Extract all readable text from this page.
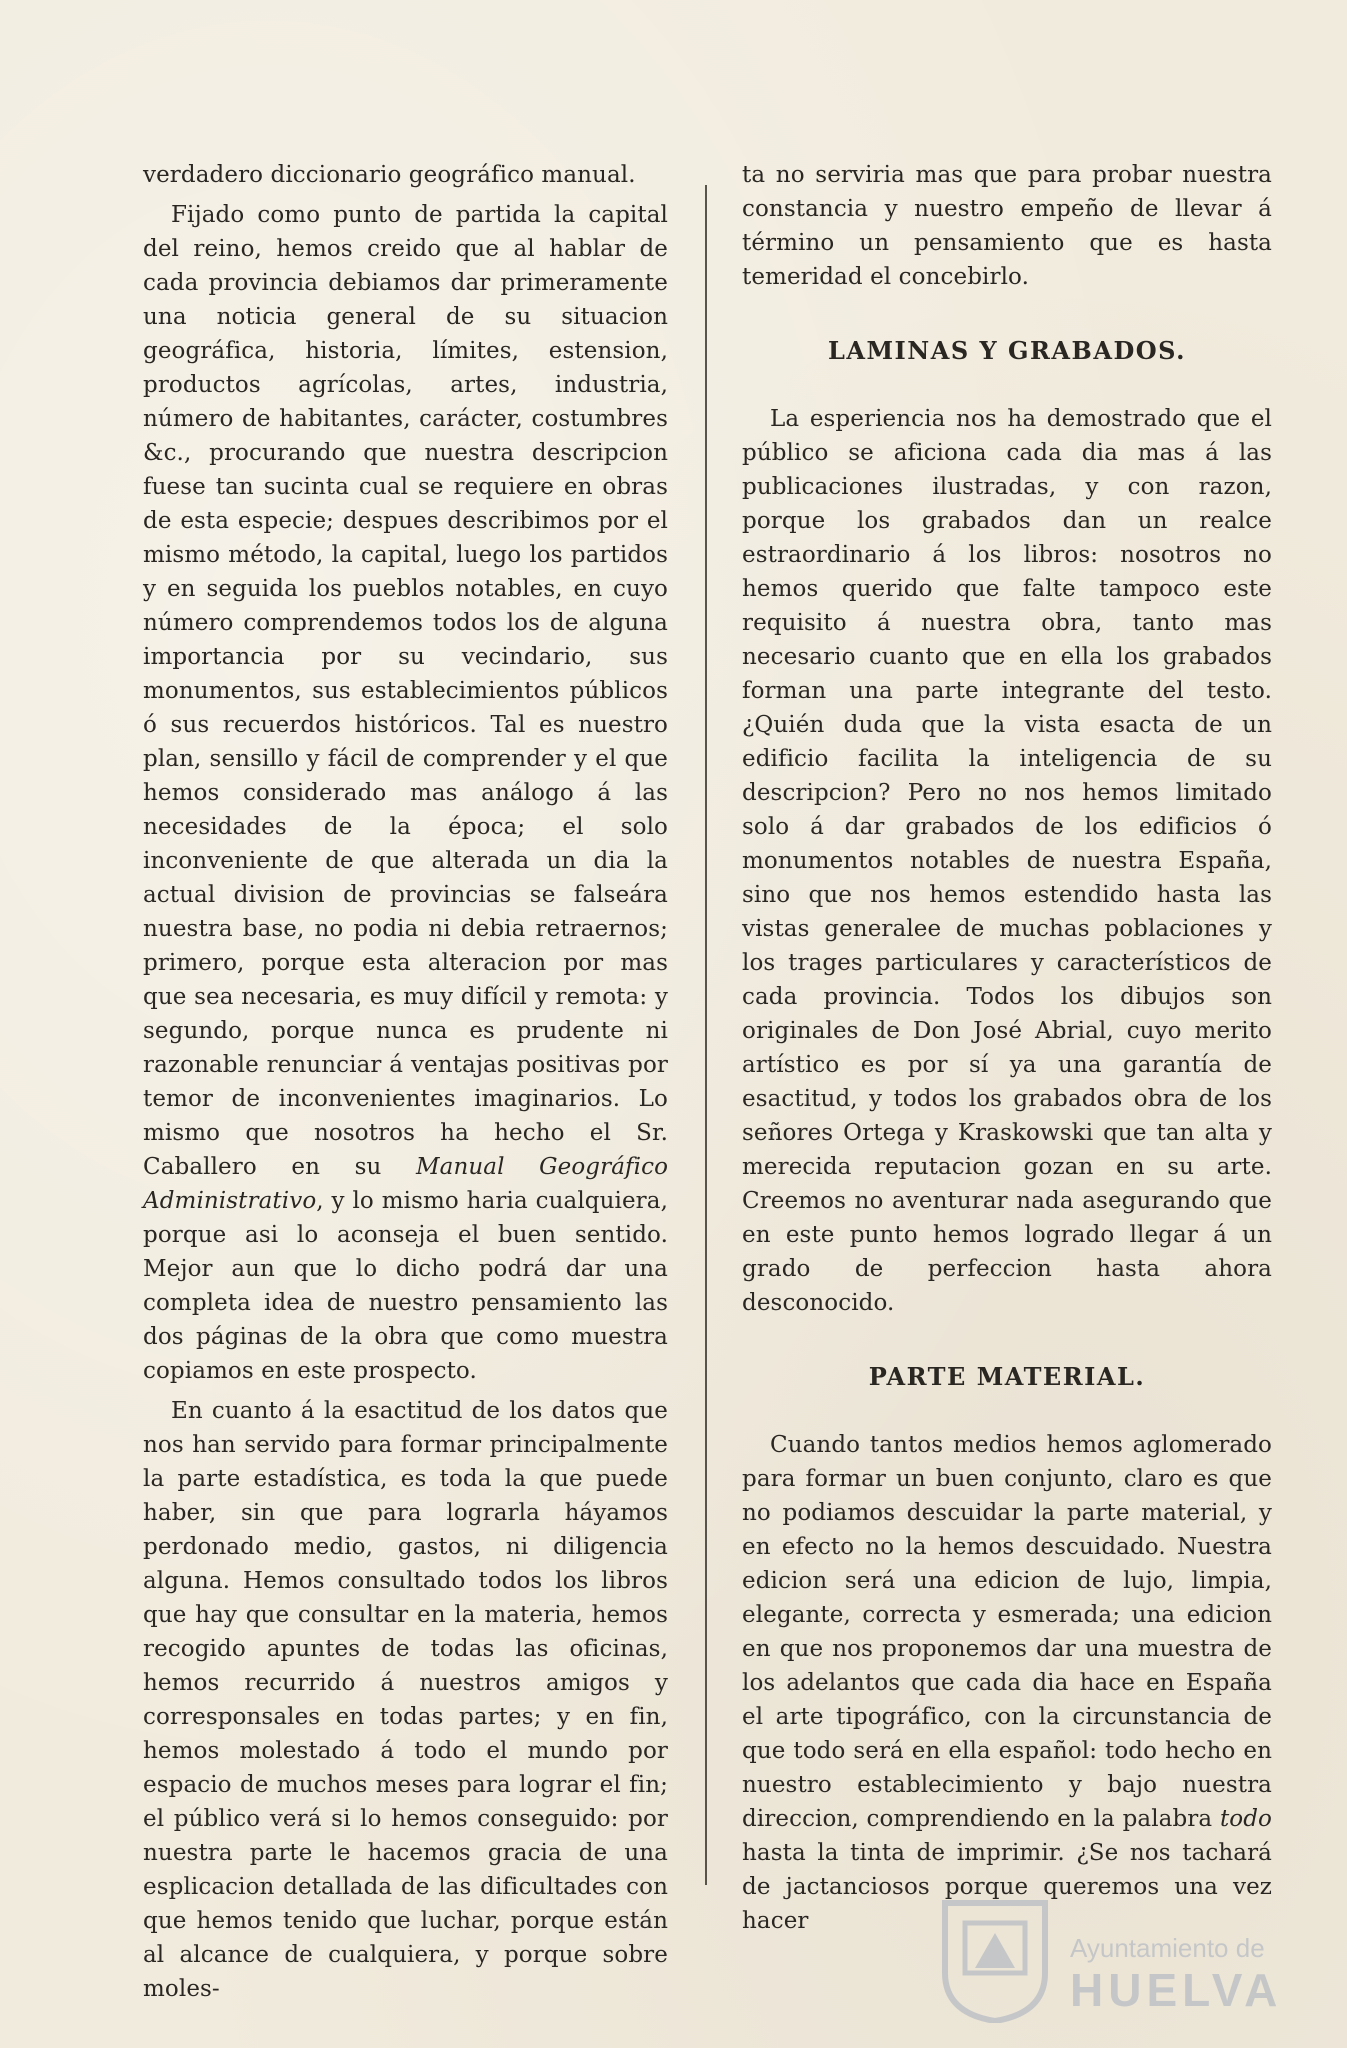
verdadero diccionario geográfico manual.

Fijado como punto de partida la capital del reino, hemos creido que al hablar de cada provincia debiamos dar primeramente una noticia general de su situacion geográfica, historia, límites, estension, productos agrícolas, artes, industria, número de habitantes, carácter, costumbres &c., procurando que nuestra descripcion fuese tan sucinta cual se requiere en obras de esta especie; despues describimos por el mismo método, la capital, luego los partidos y en seguida los pueblos notables, en cuyo número comprendemos todos los de alguna importancia por su vecindario, sus monumentos, sus establecimientos públicos ó sus recuerdos históricos. Tal es nuestro plan, sensillo y fácil de comprender y el que hemos considerado mas análogo á las necesidades de la época; el solo inconveniente de que alterada un dia la actual division de provincias se falseára nuestra base, no podia ni debia retraernos; primero, porque esta alteracion por mas que sea necesaria, es muy difícil y remota: y segundo, porque nunca es prudente ni razonable renunciar á ventajas positivas por temor de inconvenientes imaginarios. Lo mismo que nosotros ha hecho el Sr. Caballero en su Manual Geográfico Administrativo, y lo mismo haria cualquiera, porque asi lo aconseja el buen sentido. Mejor aun que lo dicho podrá dar una completa idea de nuestro pensamiento las dos páginas de la obra que como muestra copiamos en este prospecto.

En cuanto á la esactitud de los datos que nos han servido para formar principalmente la parte estadística, es toda la que puede haber, sin que para lograrla háyamos perdonado medio, gastos, ni diligencia alguna. Hemos consultado todos los libros que hay que consultar en la materia, hemos recogido apuntes de todas las oficinas, hemos recurrido á nuestros amigos y corresponsales en todas partes; y en fin, hemos molestado á todo el mundo por espacio de muchos meses para lograr el fin; el público verá si lo hemos conseguido: por nuestra parte le hacemos gracia de una esplicacion detallada de las dificultades con que hemos tenido que luchar, porque están al alcance de cualquiera, y porque sobre moles-

ta no serviria mas que para probar nuestra constancia y nuestro empeño de llevar á término un pensamiento que es hasta temeridad el concebirlo.

LAMINAS Y GRABADOS.

La esperiencia nos ha demostrado que el público se aficiona cada dia mas á las publicaciones ilustradas, y con razon, porque los grabados dan un realce estraordinario á los libros: nosotros no hemos querido que falte tampoco este requisito á nuestra obra, tanto mas necesario cuanto que en ella los grabados forman una parte integrante del testo. ¿Quién duda que la vista esacta de un edificio facilita la inteligencia de su descripcion? Pero no nos hemos limitado solo á dar grabados de los edificios ó monumentos notables de nuestra España, sino que nos hemos estendido hasta las vistas generalee de muchas poblaciones y los trages particulares y característicos de cada provincia. Todos los dibujos son originales de Don José Abrial, cuyo merito artístico es por sí ya una garantía de esactitud, y todos los grabados obra de los señores Ortega y Kraskowski que tan alta y merecida reputacion gozan en su arte. Creemos no aventurar nada asegurando que en este punto hemos logrado llegar á un grado de perfeccion hasta ahora desconocido.

PARTE MATERIAL.

Cuando tantos medios hemos aglomerado para formar un buen conjunto, claro es que no podiamos descuidar la parte material, y en efecto no la hemos descuidado. Nuestra edicion será una edicion de lujo, limpia, elegante, correcta y esmerada; una edicion en que nos proponemos dar una muestra de los adelantos que cada dia hace en España el arte tipográfico, con la circunstancia de que todo será en ella español: todo hecho en nuestro establecimiento y bajo nuestra direccion, comprendiendo en la palabra todo hasta la tinta de imprimir. ¿Se nos tachará de jactanciosos porque queremos una vez hacer

Ayuntamiento de
HUELVA
